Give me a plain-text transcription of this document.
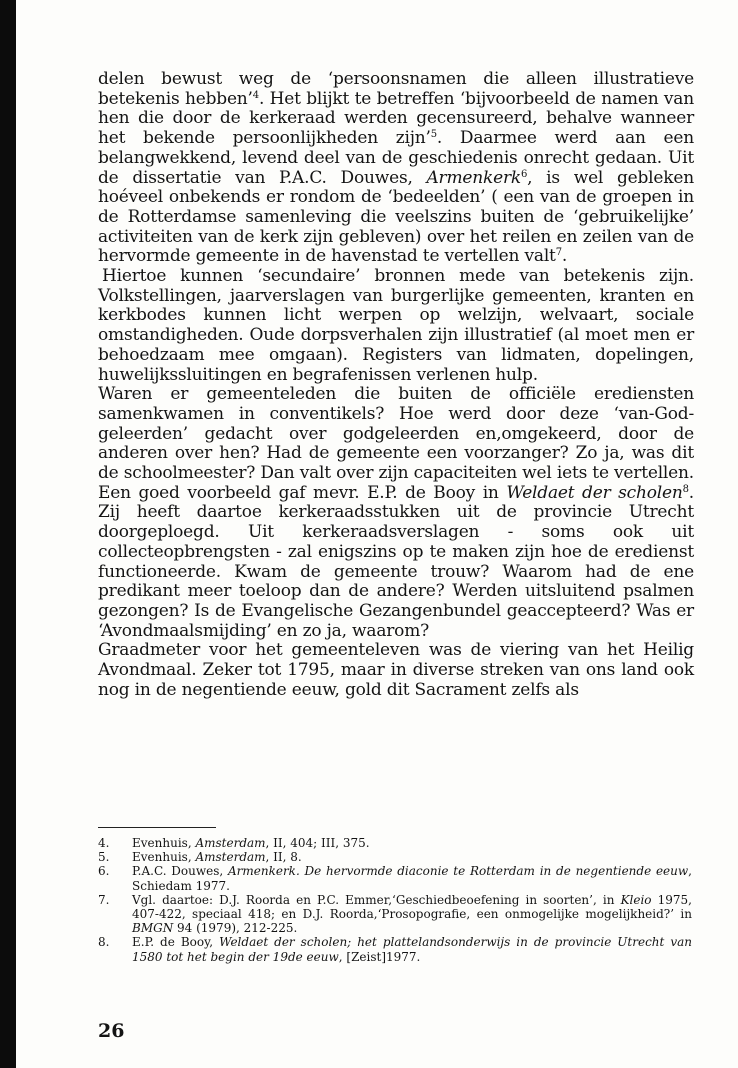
delen bewust weg de ‘persoonsnamen die alleen illustratieve betekenis hebben’$^4$. Het blijkt te betreffen ‘bijvoorbeeld de namen van hen die door de kerkeraad werden gecensureerd, behalve wanneer het bekende persoonlijkheden zijn’$^5$. Daarmee werd aan een belangwekkend, levend deel van de geschiedenis onrecht gedaan. Uit de dissertatie van P.A.C. Douwes, Armenkerk$^6$, is wel gebleken hoéveel onbekends er rondom de ‘bedeelden’ ( een van de groepen in de Rotterdamse samenleving die veelszins buiten de ‘gebruikelijke’ activiteiten van de kerk zijn gebleven) over het reilen en zeilen van de hervormde gemeente in de havenstad te vertellen valt$^7$.

Hiertoe kunnen ‘secundaire’ bronnen mede van betekenis zijn. Volkstellingen, jaarverslagen van burgerlijke gemeenten, kranten en kerkbodes kunnen licht werpen op welzijn, welvaart, sociale omstandigheden. Oude dorpsverhalen zijn illustratief (al moet men er behoedzaam mee omgaan). Registers van lidmaten, dopelingen, huwelijkssluitingen en begrafenissen verlenen hulp.

Waren er gemeenteleden die buiten de officiële erediensten samenkwamen in conventikels? Hoe werd door deze ‘van-God-geleerden’ gedacht over godgeleerden en,omgekeerd, door de anderen over hen? Had de gemeente een voorzanger? Zo ja, was dit de schoolmeester? Dan valt over zijn capaciteiten wel iets te vertellen. Een goed voorbeeld gaf mevr. E.P. de Booy in Weldaet der scholen$^8$. Zij heeft daartoe kerkeraadsstukken uit de provincie Utrecht doorgeploegd. Uit kerkeraadsverslagen - soms ook uit collecteopbrengsten - zal enigszins op te maken zijn hoe de eredienst functioneerde. Kwam de gemeente trouw? Waarom had de ene predikant meer toeloop dan de andere? Werden uitsluitend psalmen gezongen? Is de Evangelische Gezangenbundel geaccepteerd? Was er ‘Avondmaalsmijding’ en zo ja, waarom?

Graadmeter voor het gemeenteleven was de viering van het Heilig Avondmaal. Zeker tot 1795, maar in diverse streken van ons land ook nog in de negentiende eeuw, gold dit Sacrament zelfs als

4.	Evenhuis, Amsterdam, II, 404; III, 375.
5.	Evenhuis, Amsterdam, II, 8.
6.	P.A.C. Douwes, Armenkerk. De hervormde diaconie te Rotterdam in de negentiende eeuw, Schiedam 1977.
7.	Vgl. daartoe: D.J. Roorda en P.C. Emmer,‘Geschiedbeoefening in soorten’, in Kleio 1975, 407-422, speciaal 418; en D.J. Roorda,‘Prosopografie, een onmogelijke mogelijkheid?’ in BMGN 94 (1979), 212-225.
8.	E.P. de Booy, Weldaet der scholen; het plattelandsonderwijs in de provincie Utrecht van 1580 tot het begin der 19de eeuw, [Zeist]1977.
26
